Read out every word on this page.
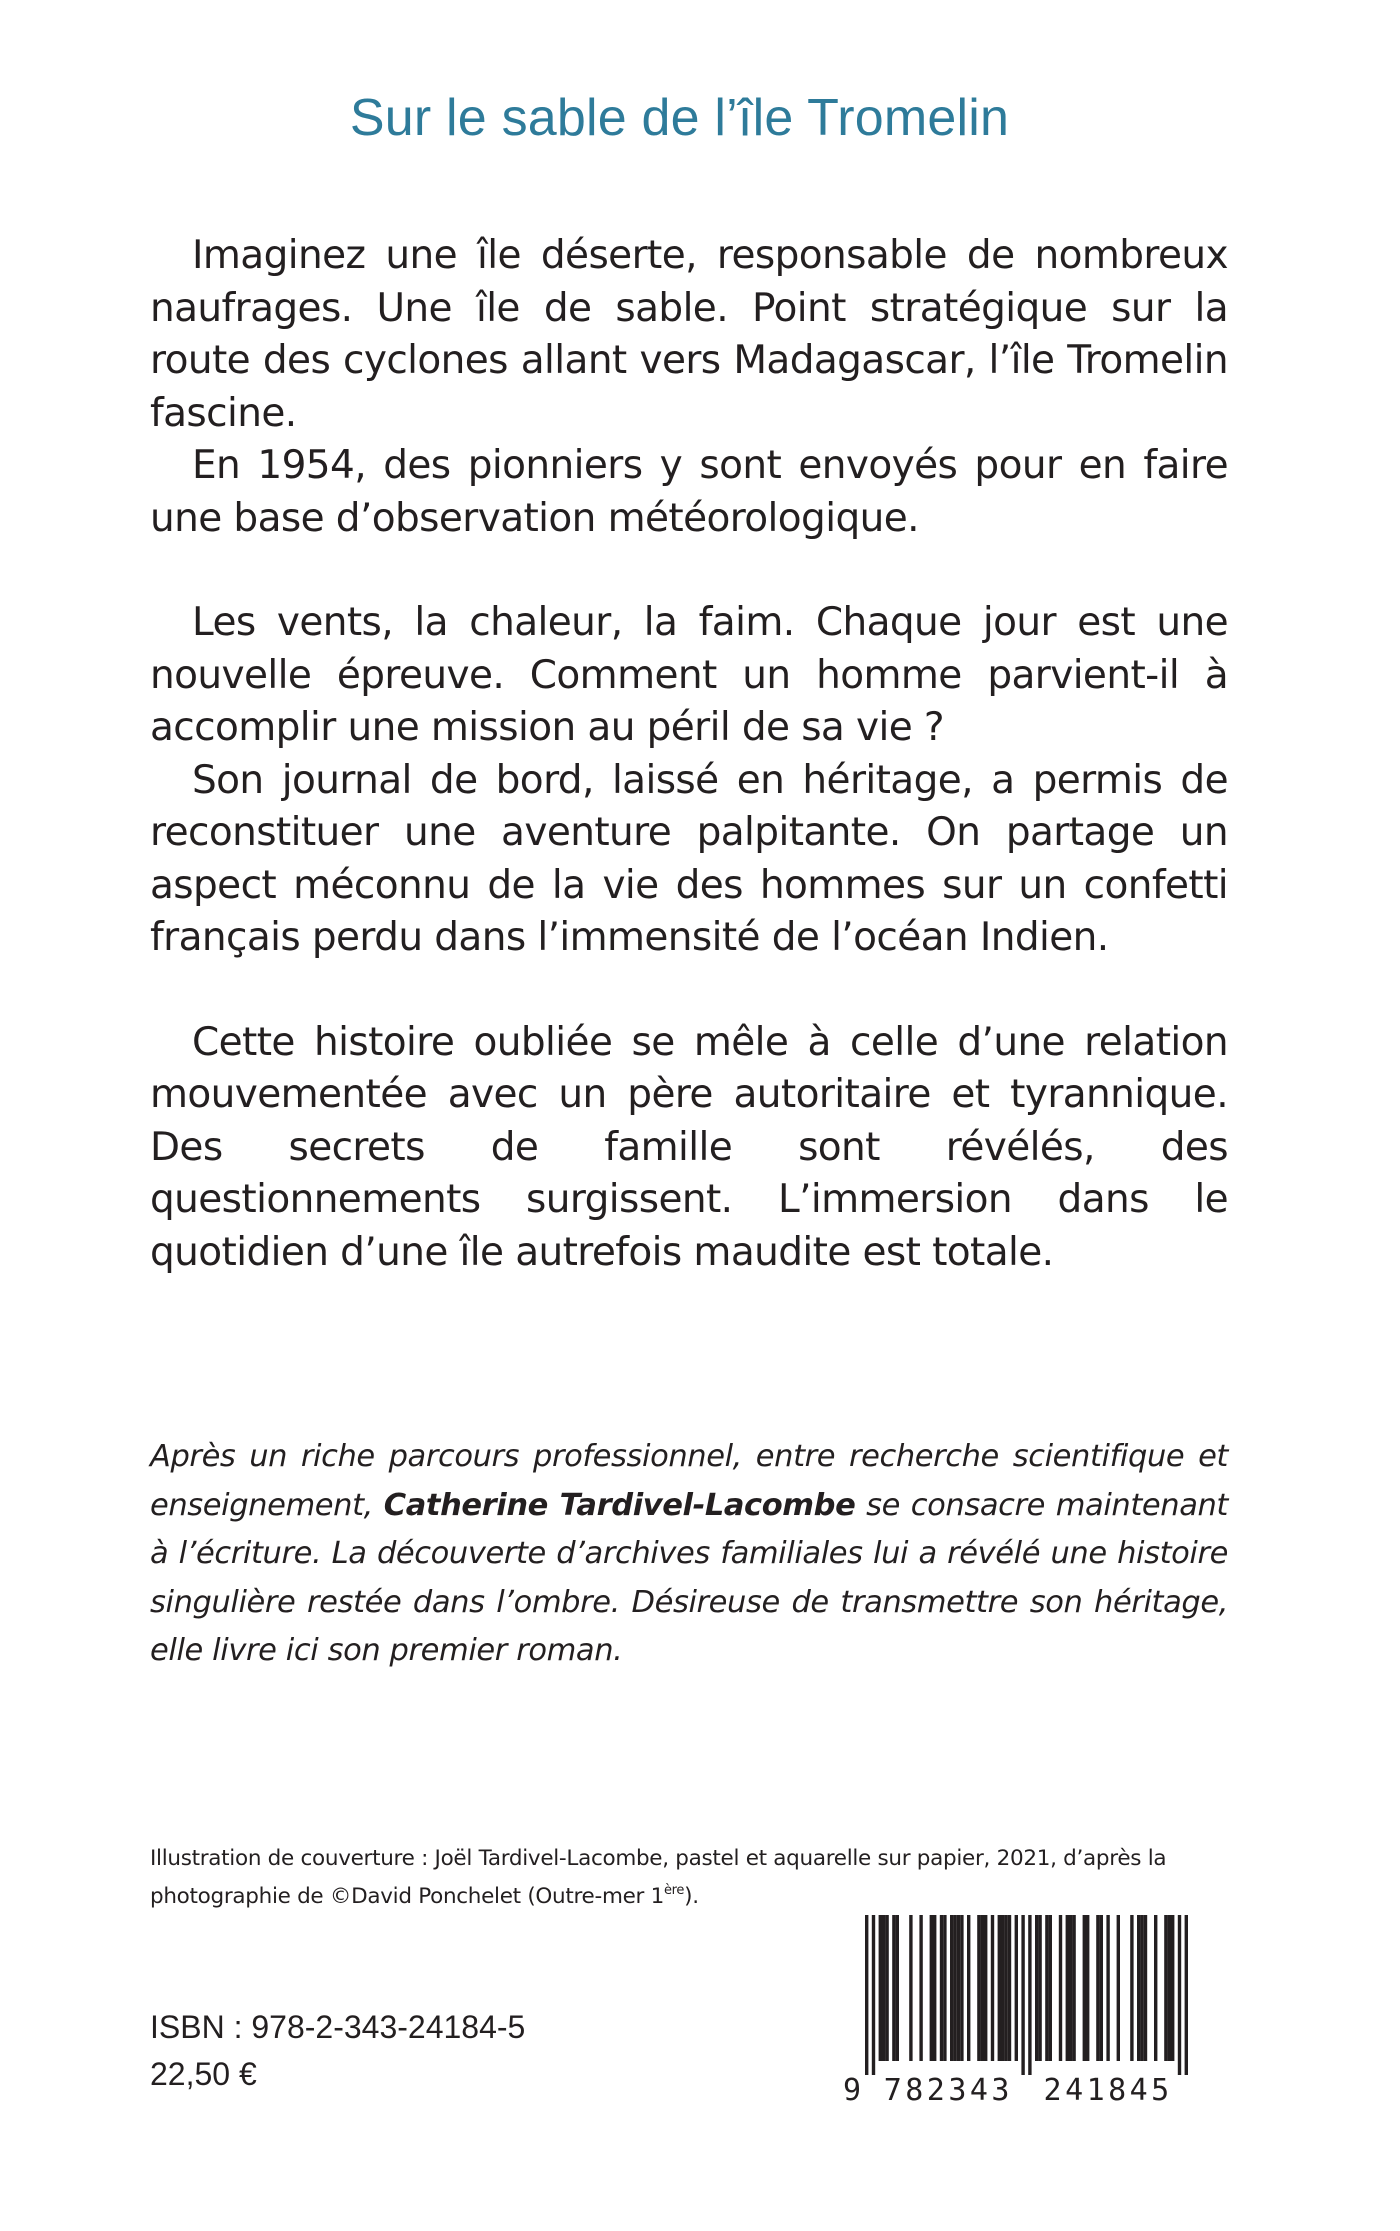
Sur le sable de l’île Tromelin

Imaginez une île déserte, responsable de nombreux naufrages. Une île de sable. Point stratégique sur la route des cyclones allant vers Madagascar, l’île Tromelin fascine.

En 1954, des pionniers y sont envoyés pour en faire une base d’observation météorologique.

Les vents, la chaleur, la faim. Chaque jour est une nouvelle épreuve. Comment un homme parvient-il à accomplir une mission au péril de sa vie ?

Son journal de bord, laissé en héritage, a permis de reconstituer une aventure palpitante. On partage un aspect méconnu de la vie des hommes sur un confetti français perdu dans l’immensité de l’océan Indien.

Cette histoire oubliée se mêle à celle d’une relation mouvementée avec un père autoritaire et tyrannique. Des secrets de famille sont révélés, des questionnements surgissent. L’immersion dans le quotidien d’une île autrefois maudite est totale.

Après un riche parcours professionnel, entre recherche scientifique et enseignement, Catherine Tardivel-Lacombe se consacre maintenant à l’écriture. La découverte d’archives familiales lui a révélé une histoire singulière restée dans l’ombre. Désireuse de transmettre son héritage, elle livre ici son premier roman.

Illustration de couverture : Joël Tardivel-Lacombe, pastel et aquarelle sur papier, 2021, d’après la photographie de ©David Ponchelet (Outre-mer 1ère).

ISBN : 978-2-343-24184-5

22,50 €	9 782343 241845
